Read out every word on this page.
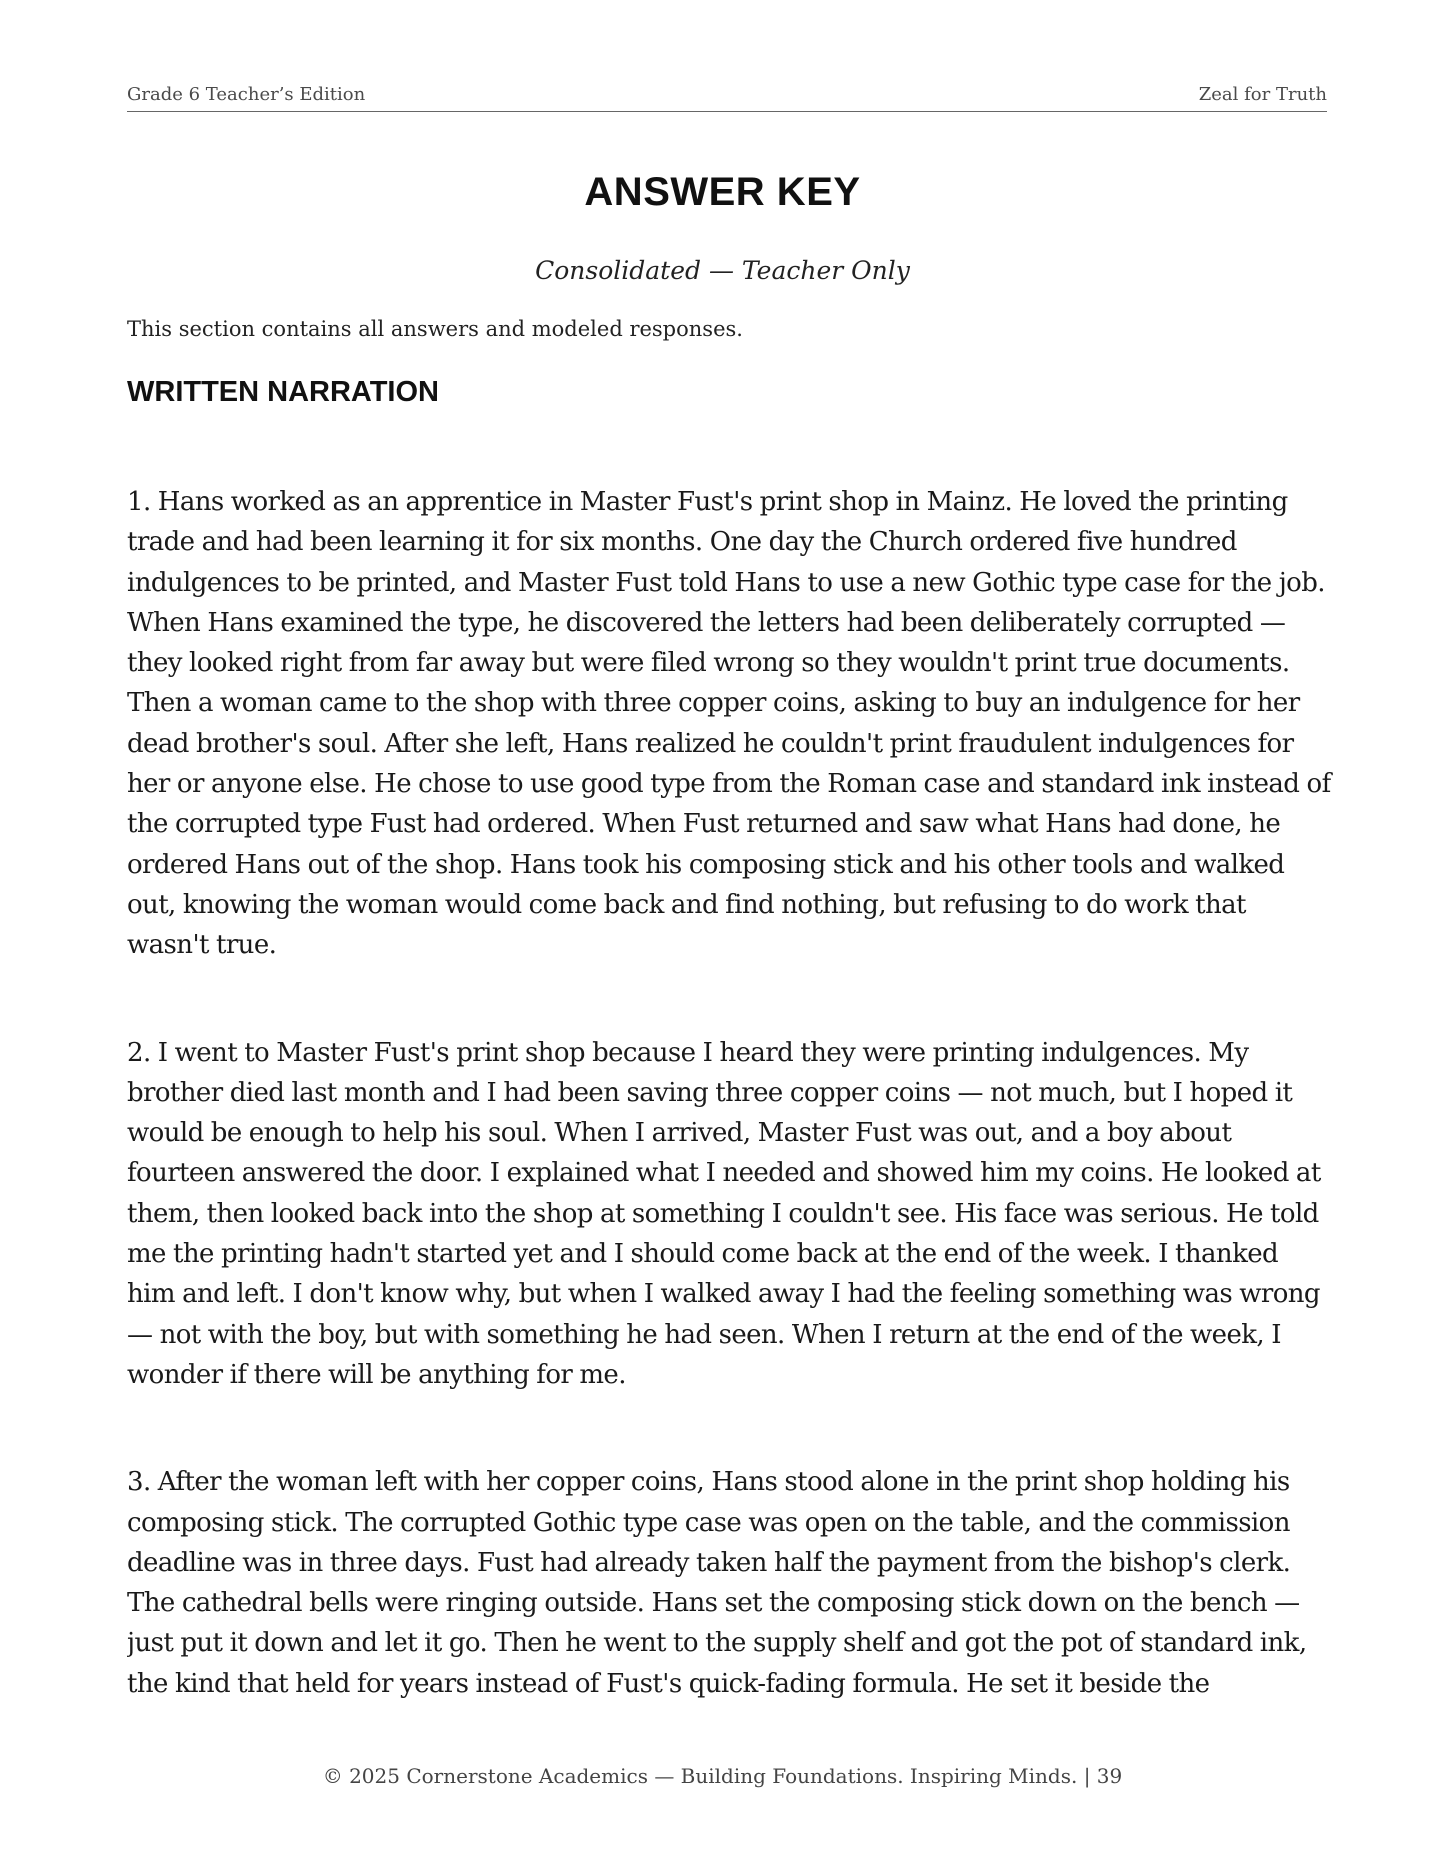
Grade 6 Teacher’s Edition	Zeal for Truth
ANSWER KEY
Consolidated — Teacher Only
This section contains all answers and modeled responses.
WRITTEN NARRATION

1. Hans worked as an apprentice in Master Fust's print shop in Mainz. He loved the printing trade and had been learning it for six months. One day the Church ordered five hundred indulgences to be printed, and Master Fust told Hans to use a new Gothic type case for the job. When Hans examined the type, he discovered the letters had been deliberately corrupted — they looked right from far away but were filed wrong so they wouldn't print true documents. Then a woman came to the shop with three copper coins, asking to buy an indulgence for her dead brother's soul. After she left, Hans realized he couldn't print fraudulent indulgences for her or anyone else. He chose to use good type from the Roman case and standard ink instead of the corrupted type Fust had ordered. When Fust returned and saw what Hans had done, he ordered Hans out of the shop. Hans took his composing stick and his other tools and walked out, knowing the woman would come back and find nothing, but refusing to do work that wasn't true.

2. I went to Master Fust's print shop because I heard they were printing indulgences. My brother died last month and I had been saving three copper coins — not much, but I hoped it would be enough to help his soul. When I arrived, Master Fust was out, and a boy about fourteen answered the door. I explained what I needed and showed him my coins. He looked at them, then looked back into the shop at something I couldn't see. His face was serious. He told me the printing hadn't started yet and I should come back at the end of the week. I thanked him and left. I don't know why, but when I walked away I had the feeling something was wrong — not with the boy, but with something he had seen. When I return at the end of the week, I wonder if there will be anything for me.

3. After the woman left with her copper coins, Hans stood alone in the print shop holding his composing stick. The corrupted Gothic type case was open on the table, and the commission deadline was in three days. Fust had already taken half the payment from the bishop's clerk. The cathedral bells were ringing outside. Hans set the composing stick down on the bench — just put it down and let it go. Then he went to the supply shelf and got the pot of standard ink, the kind that held for years instead of Fust's quick-fading formula. He set it beside the

© 2025 Cornerstone Academics — Building Foundations. Inspiring Minds. | 39
